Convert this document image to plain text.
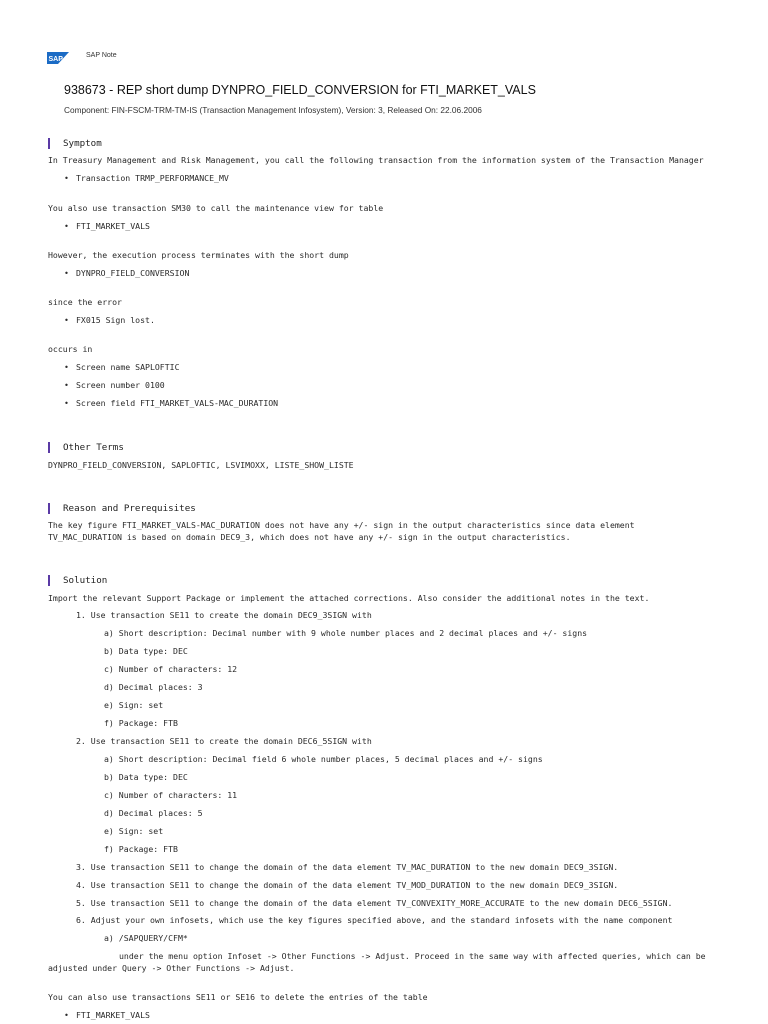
SAP
SAP Note
938673 - REP short dump DYNPRO_FIELD_CONVERSION for FTI_MARKET_VALS
Component: FIN-FSCM-TRM-TM-IS (Transaction Management Infosystem), Version: 3, Released On: 22.06.2006
Symptom
In Treasury Management and Risk Management, you call the following transaction from the information system of the Transaction Manager
• Transaction TRMP_PERFORMANCE_MV
You also use transaction SM30 to call the maintenance view for table
• FTI_MARKET_VALS
However, the execution process terminates with the short dump
• DYNPRO_FIELD_CONVERSION
since the error
• FX015 Sign lost.
occurs in
• Screen name SAPLOFTIC
• Screen number 0100
• Screen field FTI_MARKET_VALS-MAC_DURATION
Other Terms
DYNPRO_FIELD_CONVERSION, SAPLOFTIC, LSVIMOXX, LISTE_SHOW_LISTE
Reason and Prerequisites
The key figure FTI_MARKET_VALS-MAC_DURATION does not have any +/- sign in the output characteristics since data element
TV_MAC_DURATION is based on domain DEC9_3, which does not have any +/- sign in the output characteristics.
Solution
Import the relevant Support Package or implement the attached corrections. Also consider the additional notes in the text.
1. Use transaction SE11 to create the domain DEC9_3SIGN with
a) Short description: Decimal number with 9 whole number places and 2 decimal places and +/- signs
b) Data type: DEC
c) Number of characters: 12
d) Decimal places: 3
e) Sign: set
f) Package: FTB
2. Use transaction SE11 to create the domain DEC6_5SIGN with
a) Short description: Decimal field 6 whole number places, 5 decimal places and +/- signs
b) Data type: DEC
c) Number of characters: 11
d) Decimal places: 5
e) Sign: set
f) Package: FTB
3. Use transaction SE11 to change the domain of the data element TV_MAC_DURATION to the new domain DEC9_3SIGN.
4. Use transaction SE11 to change the domain of the data element TV_MOD_DURATION to the new domain DEC9_3SIGN.
5. Use transaction SE11 to change the domain of the data element TV_CONVEXITY_MORE_ACCURATE to the new domain DEC6_5SIGN.
6. Adjust your own infosets, which use the key figures specified above, and the standard infosets with the name component
a) /SAPQUERY/CFM*
under the menu option Infoset -> Other Functions -> Adjust. Proceed in the same way with affected queries, which can be
adjusted under Query -> Other Functions -> Adjust.
You can also use transactions SE11 or SE16 to delete the entries of the table
• FTI_MARKET_VALS
